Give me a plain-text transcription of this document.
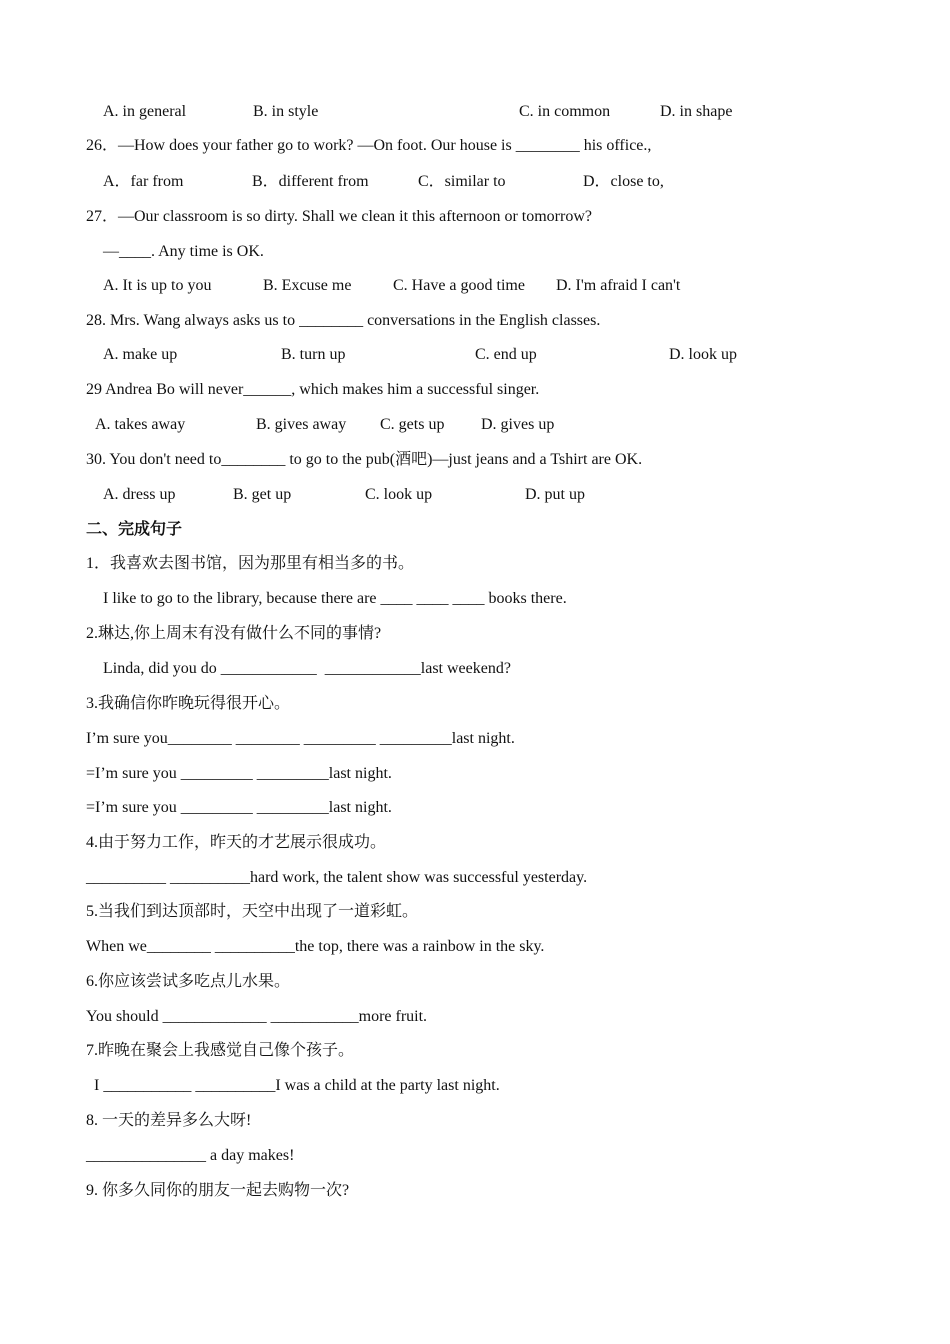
A. in general	B. in style	C. in common	D. in shape
26．—How does your father go to work? —On foot. Our house is ________ his office.,
A．far from	B．different from	C．similar to	D．close to,
27．—Our classroom is so dirty. Shall we clean it this afternoon or tomorrow?
—____. Any time is OK.
A. It is up to you	B. Excuse me	C. Have a good time D. I'm afraid I can't
28. Mrs. Wang always asks us to ________ conversations in the English classes.
A. make up	B. turn up	C. end up	D. look up
29 Andrea Bo will never______, which makes him a successful singer.
A. takes away	B. gives away C. gets up D. gives up
30. You don't need to________ to go to the pub(酒吧)—just jeans and a Tshirt are OK.
A. dress up	B. get up	C. look up	D. put up
二、完成句子
1．我喜欢去图书馆，因为那里有相当多的书。
I like to go to the library, because there are ____ ____ ____ books there.
2.琳达,你上周末有没有做什么不同的事情?
Linda, did you do ____________  ____________last weekend?
3.我确信你昨晚玩得很开心。
I’m sure you________ ________ _________ _________last night.
=I’m sure you _________ _________last night.
=I’m sure you _________ _________last night.
4.由于努力工作，昨天的才艺展示很成功。
__________ __________hard work, the talent show was successful yesterday.
5.当我们到达顶部时，天空中出现了一道彩虹。
When we________ __________the top, there was a rainbow in the sky.
6.你应该尝试多吃点儿水果。
You should _____________ ___________more fruit.
7.昨晚在聚会上我感觉自己像个孩子。
I ___________ __________I was a child at the party last night.
8. 一天的差异多么大呀!
_______________ a day makes!
9. 你多久同你的朋友一起去购物一次?
